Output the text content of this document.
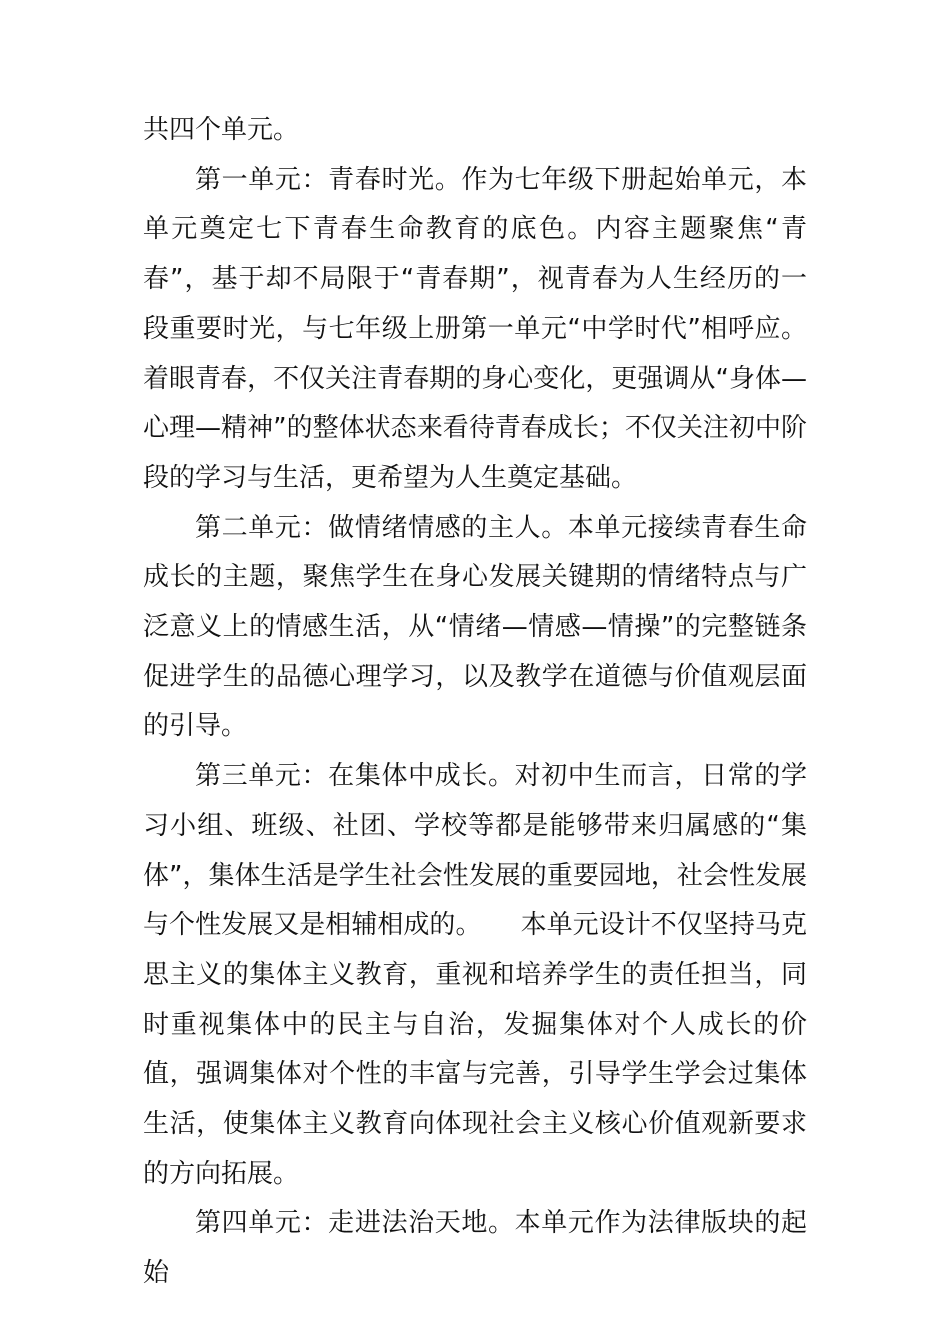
共四个单元。

第一单元：青春时光。作为七年级下册起始单元，本单元奠定七下青春生命教育的底色。内容主题聚焦“青春”，基于却不局限于“青春期”，视青春为人生经历的一段重要时光，与七年级上册第一单元“中学时代”相呼应。着眼青春，不仅关注青春期的身心变化，更强调从“身体—心理—精神”的整体状态来看待青春成长；不仅关注初中阶段的学习与生活，更希望为人生奠定基础。

第二单元：做情绪情感的主人。本单元接续青春生命成长的主题，聚焦学生在身心发展关键期的情绪特点与广泛意义上的情感生活，从“情绪—情感—情操”的完整链条促进学生的品德心理学习，以及教学在道德与价值观层面的引导。

第三单元：在集体中成长。对初中生而言，日常的学习小组、班级、社团、学校等都是能够带来归属感的“集体”，集体生活是学生社会性发展的重要园地，社会性发展与个性发展又是相辅相成的。　　本单元设计不仅坚持马克思主义的集体主义教育，重视和培养学生的责任担当，同时重视集体中的民主与自治，发掘集体对个人成长的价值，强调集体对个性的丰富与完善，引导学生学会过集体生活，使集体主义教育向体现社会主义核心价值观新要求的方向拓展。

第四单元：走进法治天地。本单元作为法律版块的起始
